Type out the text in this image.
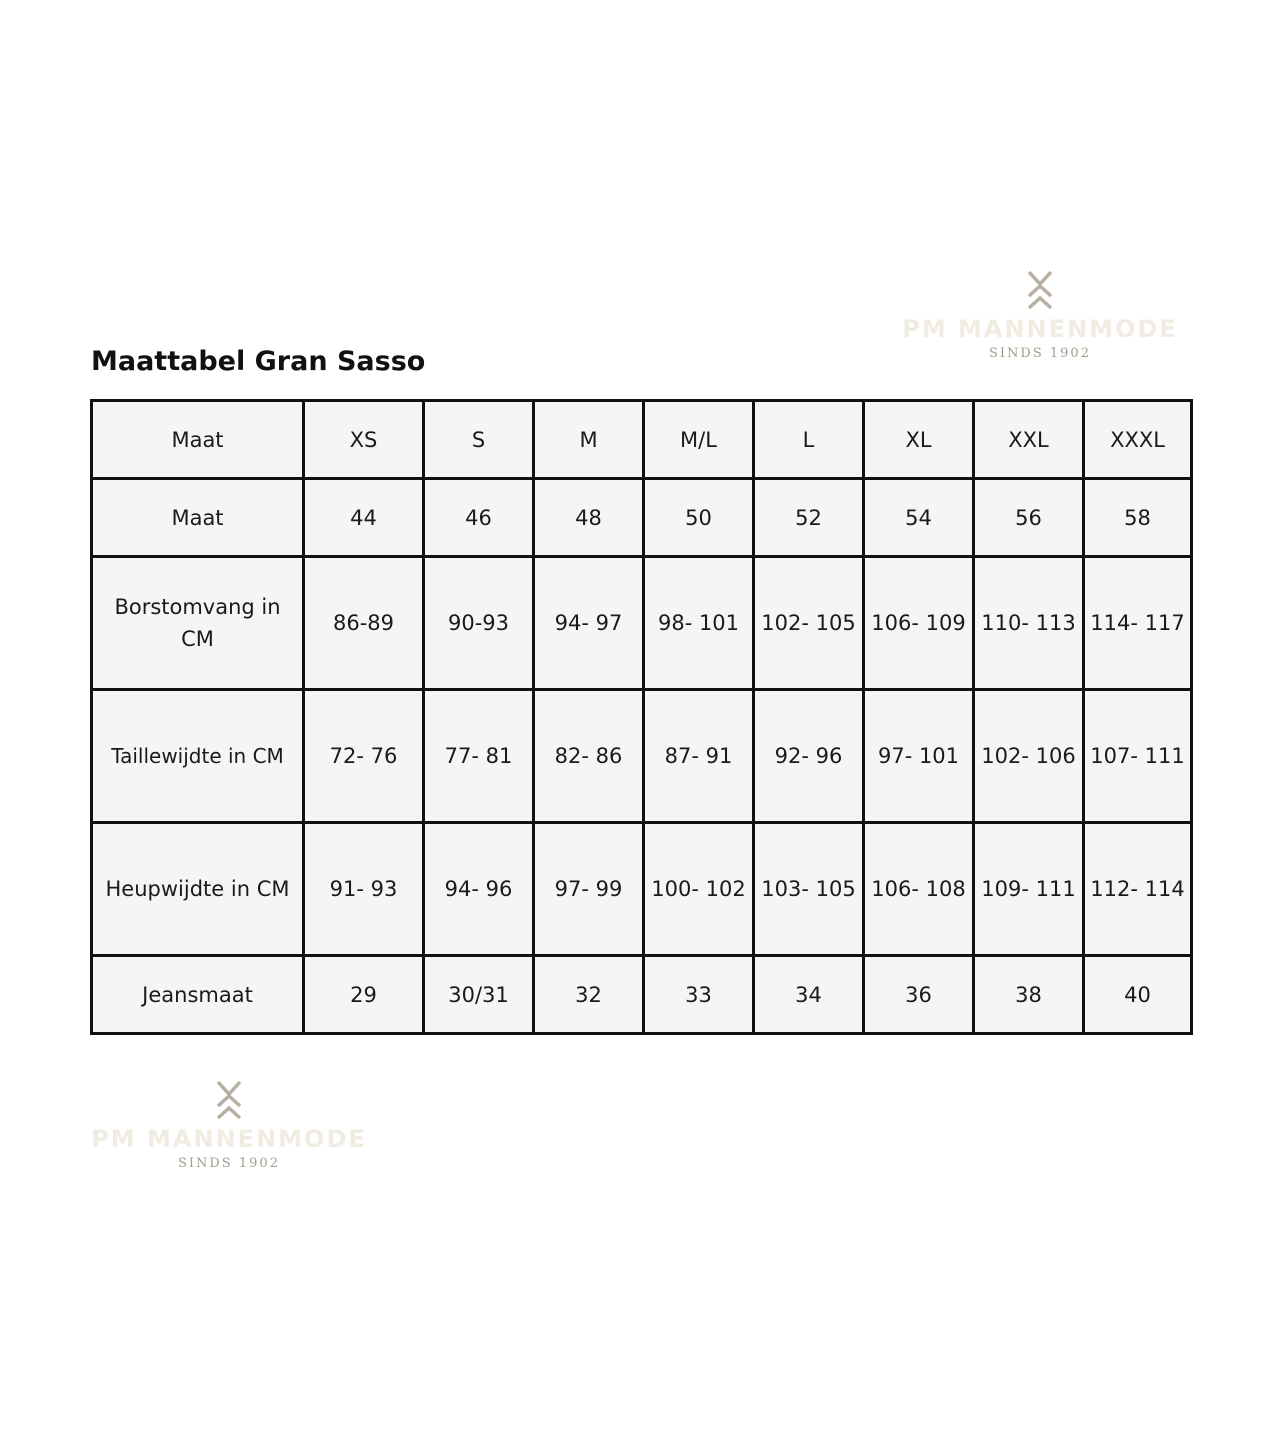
Maattabel Gran Sasso
PM MANNENMODE
SINDS 1902
Maat	XS	S	M	M/L	L	XL	XXL	XXXL
Maat	44	46	48	50	52	54	56	58
Borstomvang in CM	86-89	90-93	94- 97	98- 101	102- 105	106- 109	110- 113	114- 117
Taillewijdte in CM	72- 76	77- 81	82- 86	87- 91	92- 96	97- 101	102- 106	107- 111
Heupwijdte in CM	91- 93	94- 96	97- 99	100- 102	103- 105	106- 108	109- 111	112- 114
Jeansmaat	29	30/31	32	33	34	36	38	40
PM MANNENMODE
SINDS 1902
